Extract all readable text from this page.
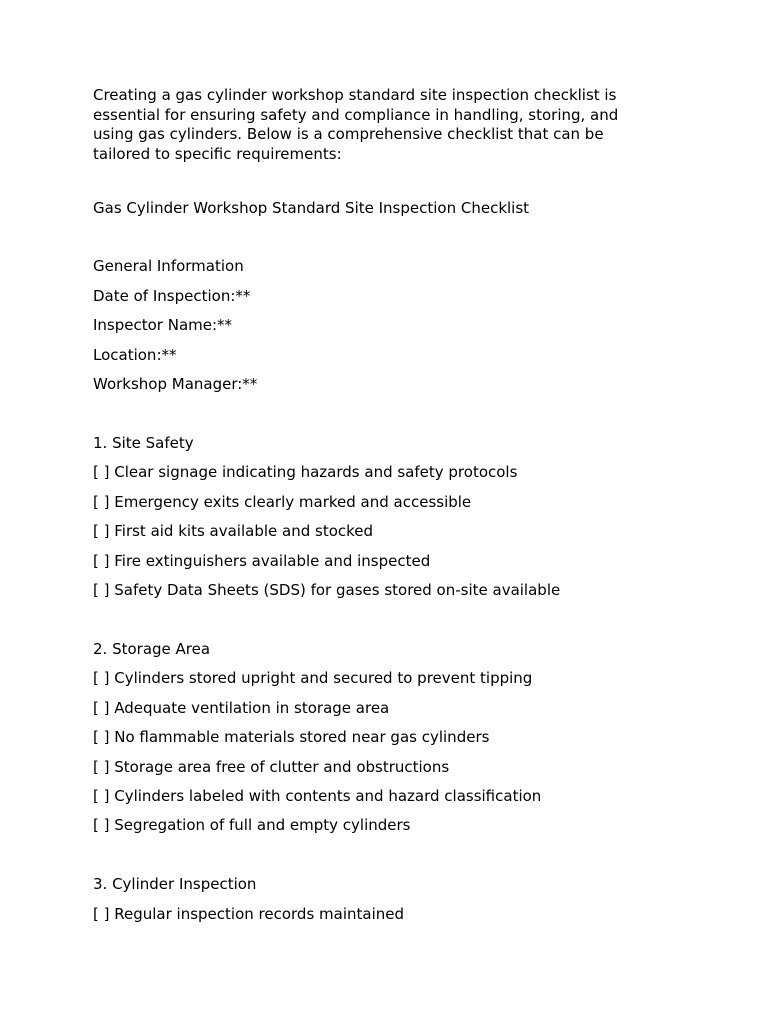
Creating a gas cylinder workshop standard site inspection checklist is essential for ensuring safety and compliance in handling, storing, and using gas cylinders. Below is a comprehensive checklist that can be tailored to specific requirements:

Gas Cylinder Workshop Standard Site Inspection Checklist

General Information

Date of Inspection:**

Inspector Name:**

Location:**

Workshop Manager:**

1. Site Safety

[ ] Clear signage indicating hazards and safety protocols

[ ] Emergency exits clearly marked and accessible

[ ] First aid kits available and stocked

[ ] Fire extinguishers available and inspected

[ ] Safety Data Sheets (SDS) for gases stored on-site available

2. Storage Area

[ ] Cylinders stored upright and secured to prevent tipping

[ ] Adequate ventilation in storage area

[ ] No flammable materials stored near gas cylinders

[ ] Storage area free of clutter and obstructions

[ ] Cylinders labeled with contents and hazard classification

[ ] Segregation of full and empty cylinders

3. Cylinder Inspection

[ ] Regular inspection records maintained
